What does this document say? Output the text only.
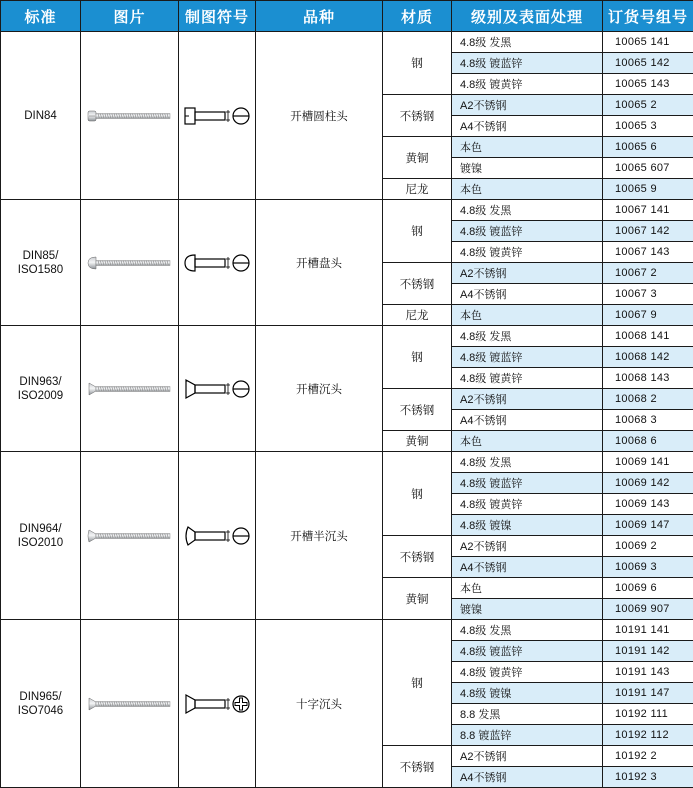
标准	图片	制图符号	品种	材质	级别及表面处理	订货号组号
DIN84			开槽圆柱头	钢	4.8级 发黑	10065 141
					4.8级 镀蓝锌	10065 142
					4.8级 镀黄锌	10065 143
				不锈钢	A2不锈钢	10065 2
					A4不锈钢	10065 3
				黄铜	本色	10065 6
					镀镍	10065 607
				尼龙	本色	10065 9
DIN85/
ISO1580			开槽盘头	钢	4.8级 发黑	10067 141
					4.8级 镀蓝锌	10067 142
					4.8级 镀黄锌	10067 143
				不锈钢	A2不锈钢	10067 2
					A4不锈钢	10067 3
				尼龙	本色	10067 9
DIN963/
ISO2009			开槽沉头	钢	4.8级 发黑	10068 141
					4.8级 镀蓝锌	10068 142
					4.8级 镀黄锌	10068 143
				不锈钢	A2不锈钢	10068 2
					A4不锈钢	10068 3
				黄铜	本色	10068 6
DIN964/
ISO2010			开槽半沉头	钢	4.8级 发黑	10069 141
					4.8级 镀蓝锌	10069 142
					4.8级 镀黄锌	10069 143
					4.8级 镀镍	10069 147
				不锈钢	A2不锈钢	10069 2
					A4不锈钢	10069 3
				黄铜	本色	10069 6
					镀镍	10069 907
DIN965/
ISO7046			十字沉头	钢	4.8级 发黑	10191 141
					4.8级 镀蓝锌	10191 142
					4.8级 镀黄锌	10191 143
					4.8级 镀镍	10191 147
					8.8 发黑	10192 111
					8.8 镀蓝锌	10192 112
				不锈钢	A2不锈钢	10192 2
					A4不锈钢	10192 3
